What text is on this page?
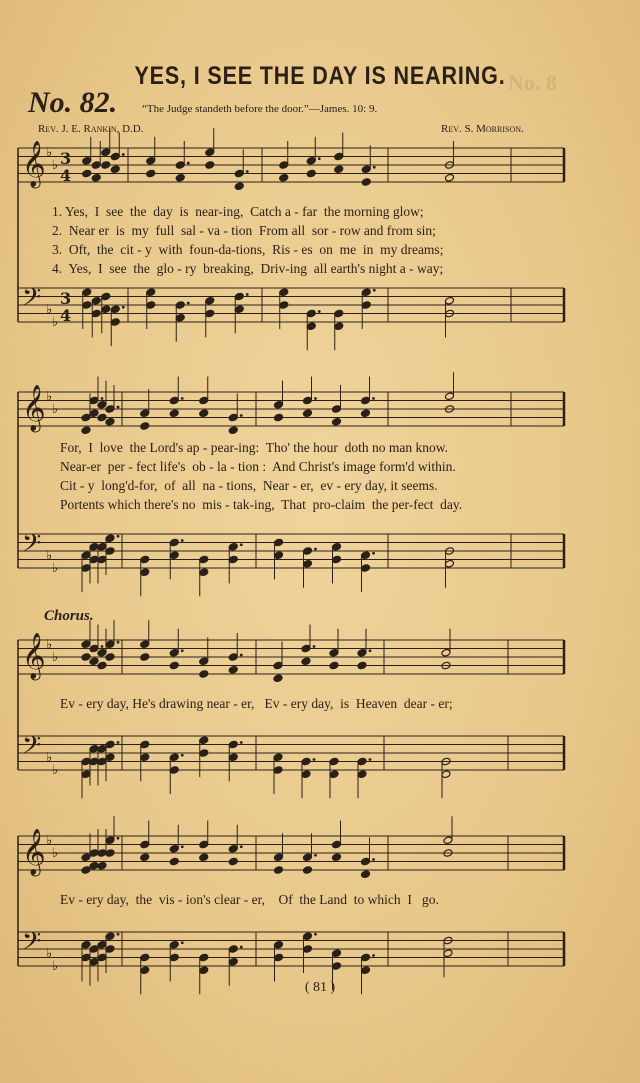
No. 8
YES, I SEE THE DAY IS NEARING.
No. 82. “The Judge standeth before the door.”—James. 10: 9.
Rev. J. E. Rankin, D.D.	Rev. S. Morrison.
𝄞 ♭
♭ 3
4
𝄢 ♭
♭
3
4
1. Yes,  I  see  the  day  is  near-ing,  Catch a - far  the morning glow;
2.  Near er  is  my  full  sal - va - tion  From all  sor - row and from sin;
3.  Oft,  the  cit - y  with  foun-da-tions,  Ris - es  on  me  in  my dreams;
4.  Yes,  I  see  the  glo - ry  breaking,  Driv-ing  all earth's night a - way;
𝄞 ♭
♭
𝄢 ♭
♭
For,  I  love  the Lord's ap - pear-ing:  Tho' the hour  doth no man know.
Near-er  per - fect life's  ob - la - tion :  And Christ's image form'd within.
Cit - y  long'd-for,  of  all  na - tions,  Near - er,  ev - ery day, it seems.
Portents which there's no  mis - tak-ing,  That  pro-claim  the per-fect  day.
Chorus.
𝄞 ♭
♭
𝄢 ♭
♭
Ev - ery day, He's drawing near - er,   Ev - ery day,  is  Heaven  dear - er;
𝄞 ♭
♭
𝄢 ♭
♭
Ev - ery day,  the  vis - ion's clear - er,    Of  the Land  to which  I   go.
( 81 )
